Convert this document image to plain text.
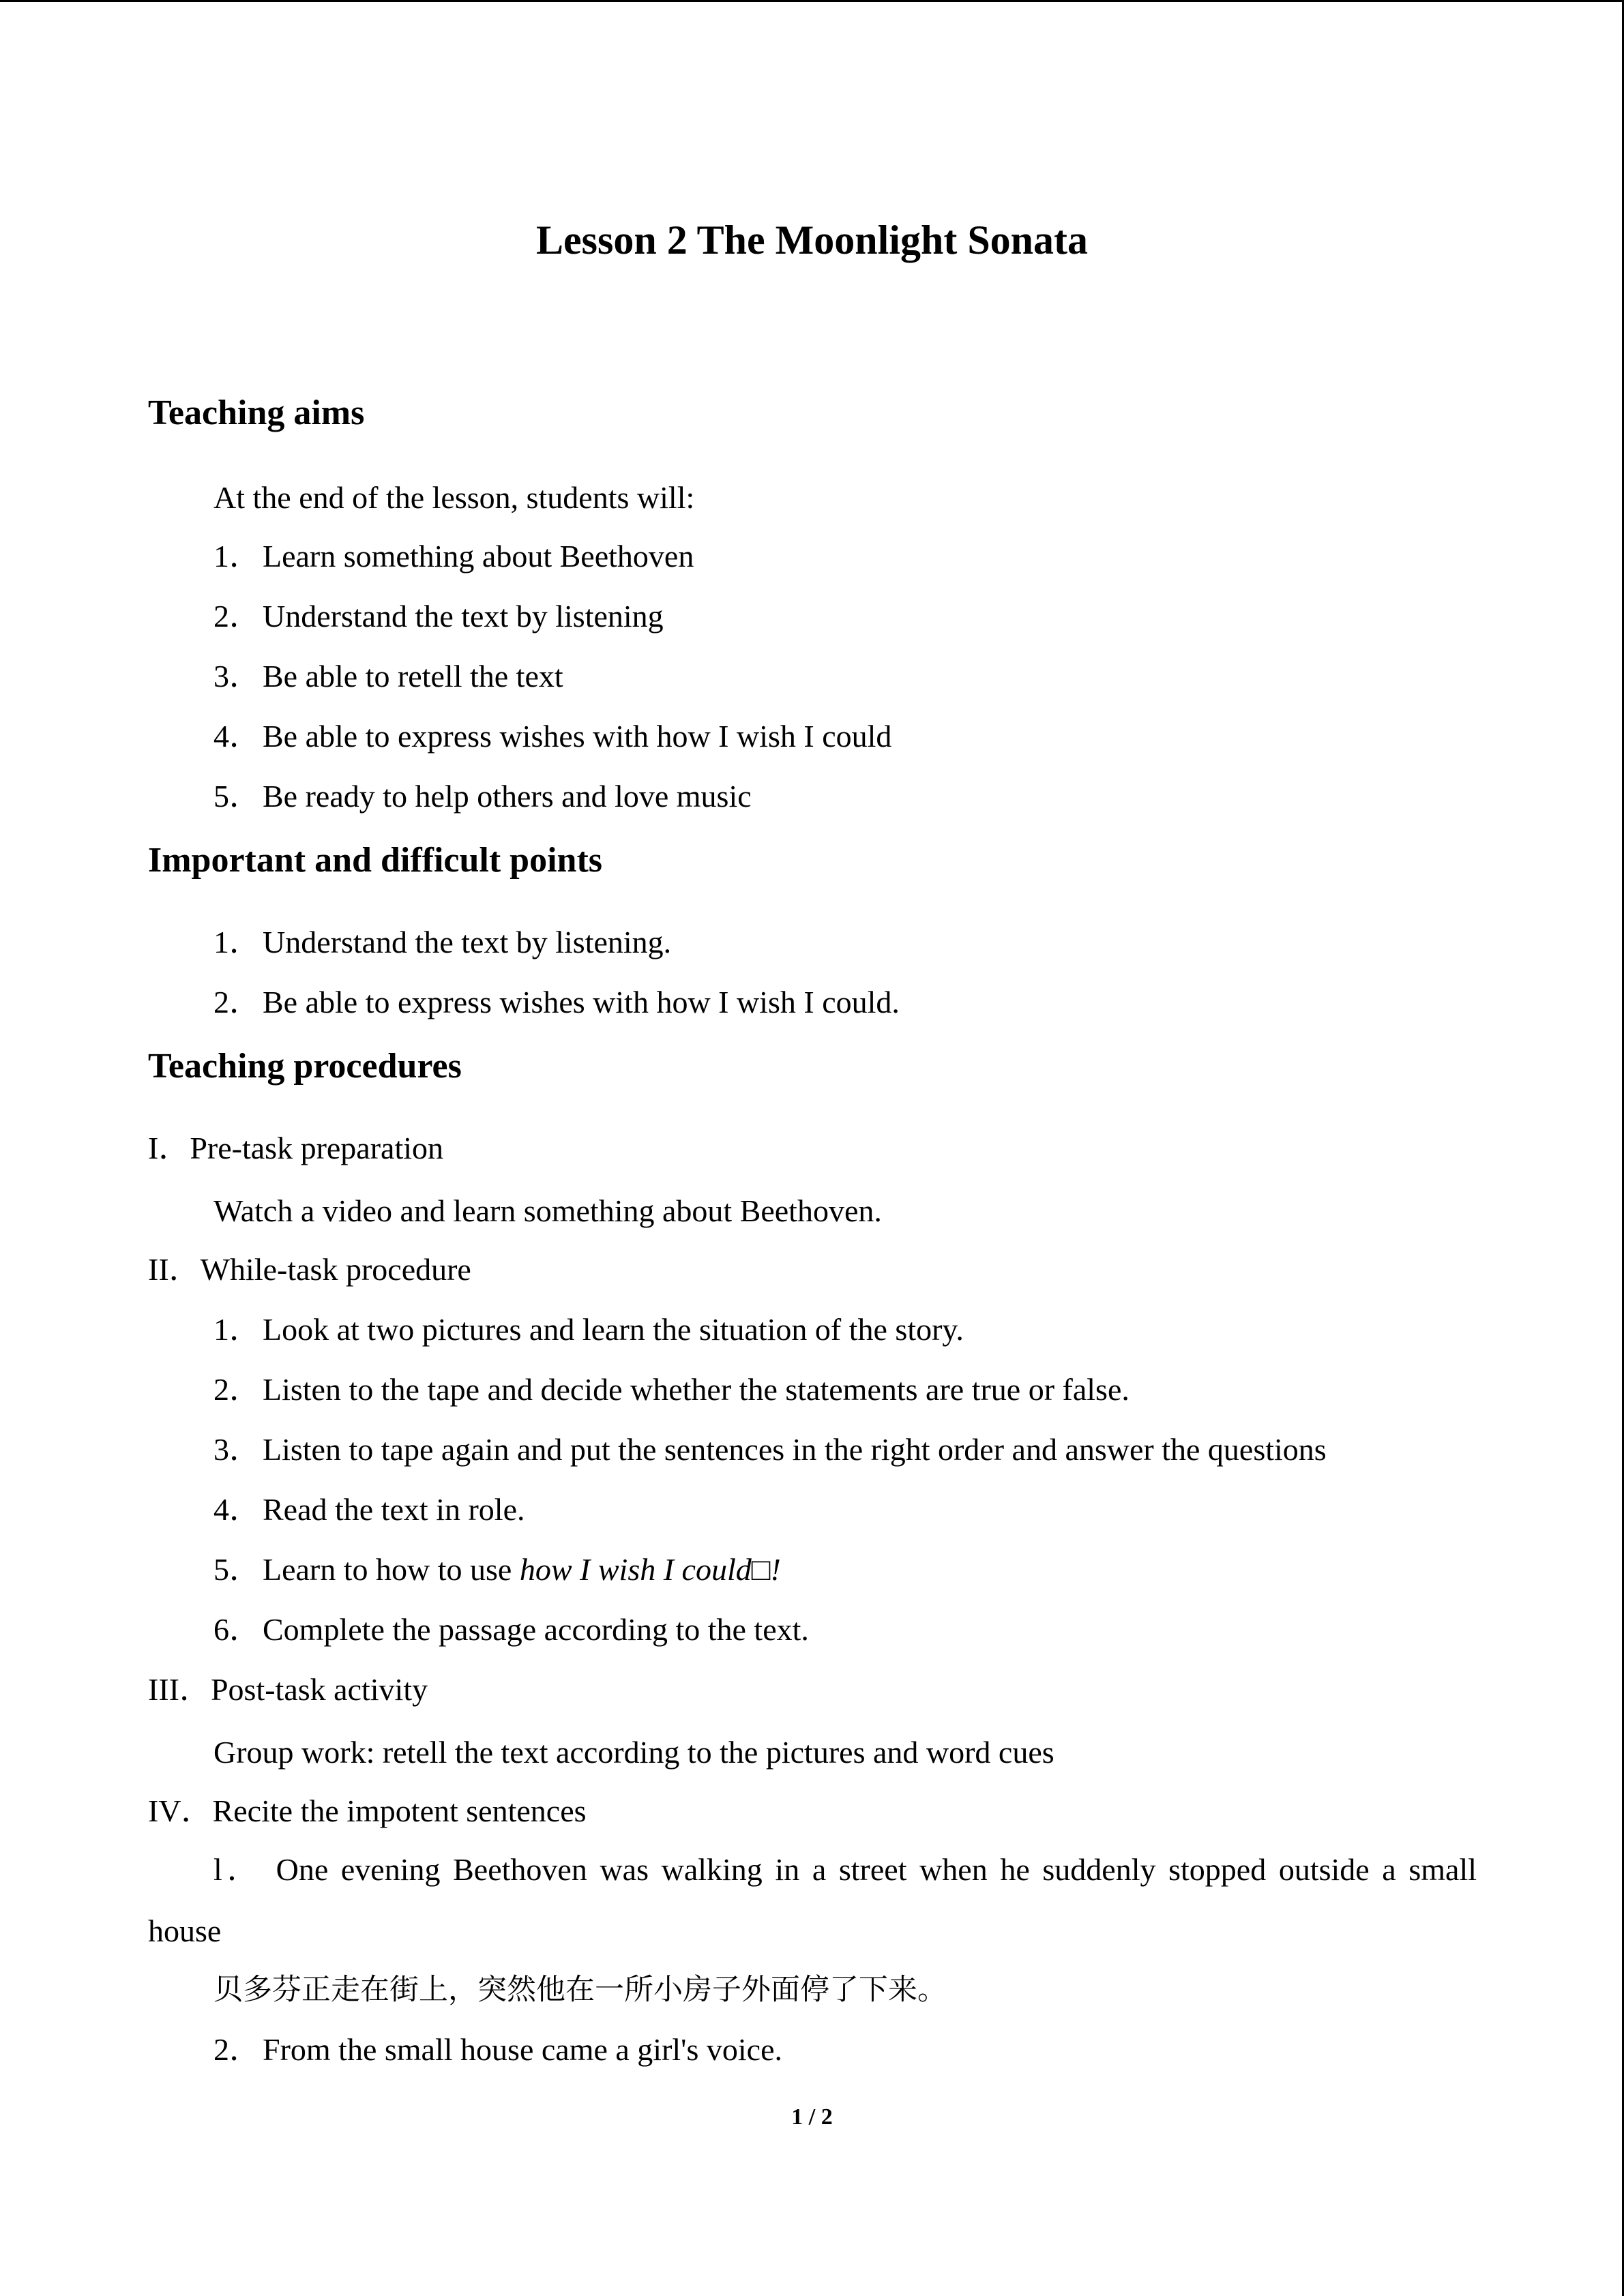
Lesson 2 The Moonlight Sonata
Teaching aims
At the end of the lesson, students will:
1．Learn something about Beethoven
2．Understand the text by listening
3．Be able to retell the text
4．Be able to express wishes with how I wish I could
5．Be ready to help others and love music
Important and difficult points
1．Understand the text by listening.
2．Be able to express wishes with how I wish I could.
Teaching procedures
I．Pre-task preparation
Watch a video and learn something about Beethoven.
II．While-task procedure
1．Look at two pictures and learn the situation of the story.
2．Listen to the tape and decide whether the statements are true or false.
3．Listen to tape again and put the sentences in the right order and answer the questions
4．Read the text in role.
5．Learn to how to use how I wish I could□!
6．Complete the passage according to the text.
III．Post-task activity
Group work: retell the text according to the pictures and word cues
IV．Recite the impotent sentences
l． One evening Beethoven was walking in a street when he suddenly stopped outside a small
house
贝多芬正走在街上，突然他在一所小房子外面停了下来。
2．From the small house came a girl's voice.
1 / 2
